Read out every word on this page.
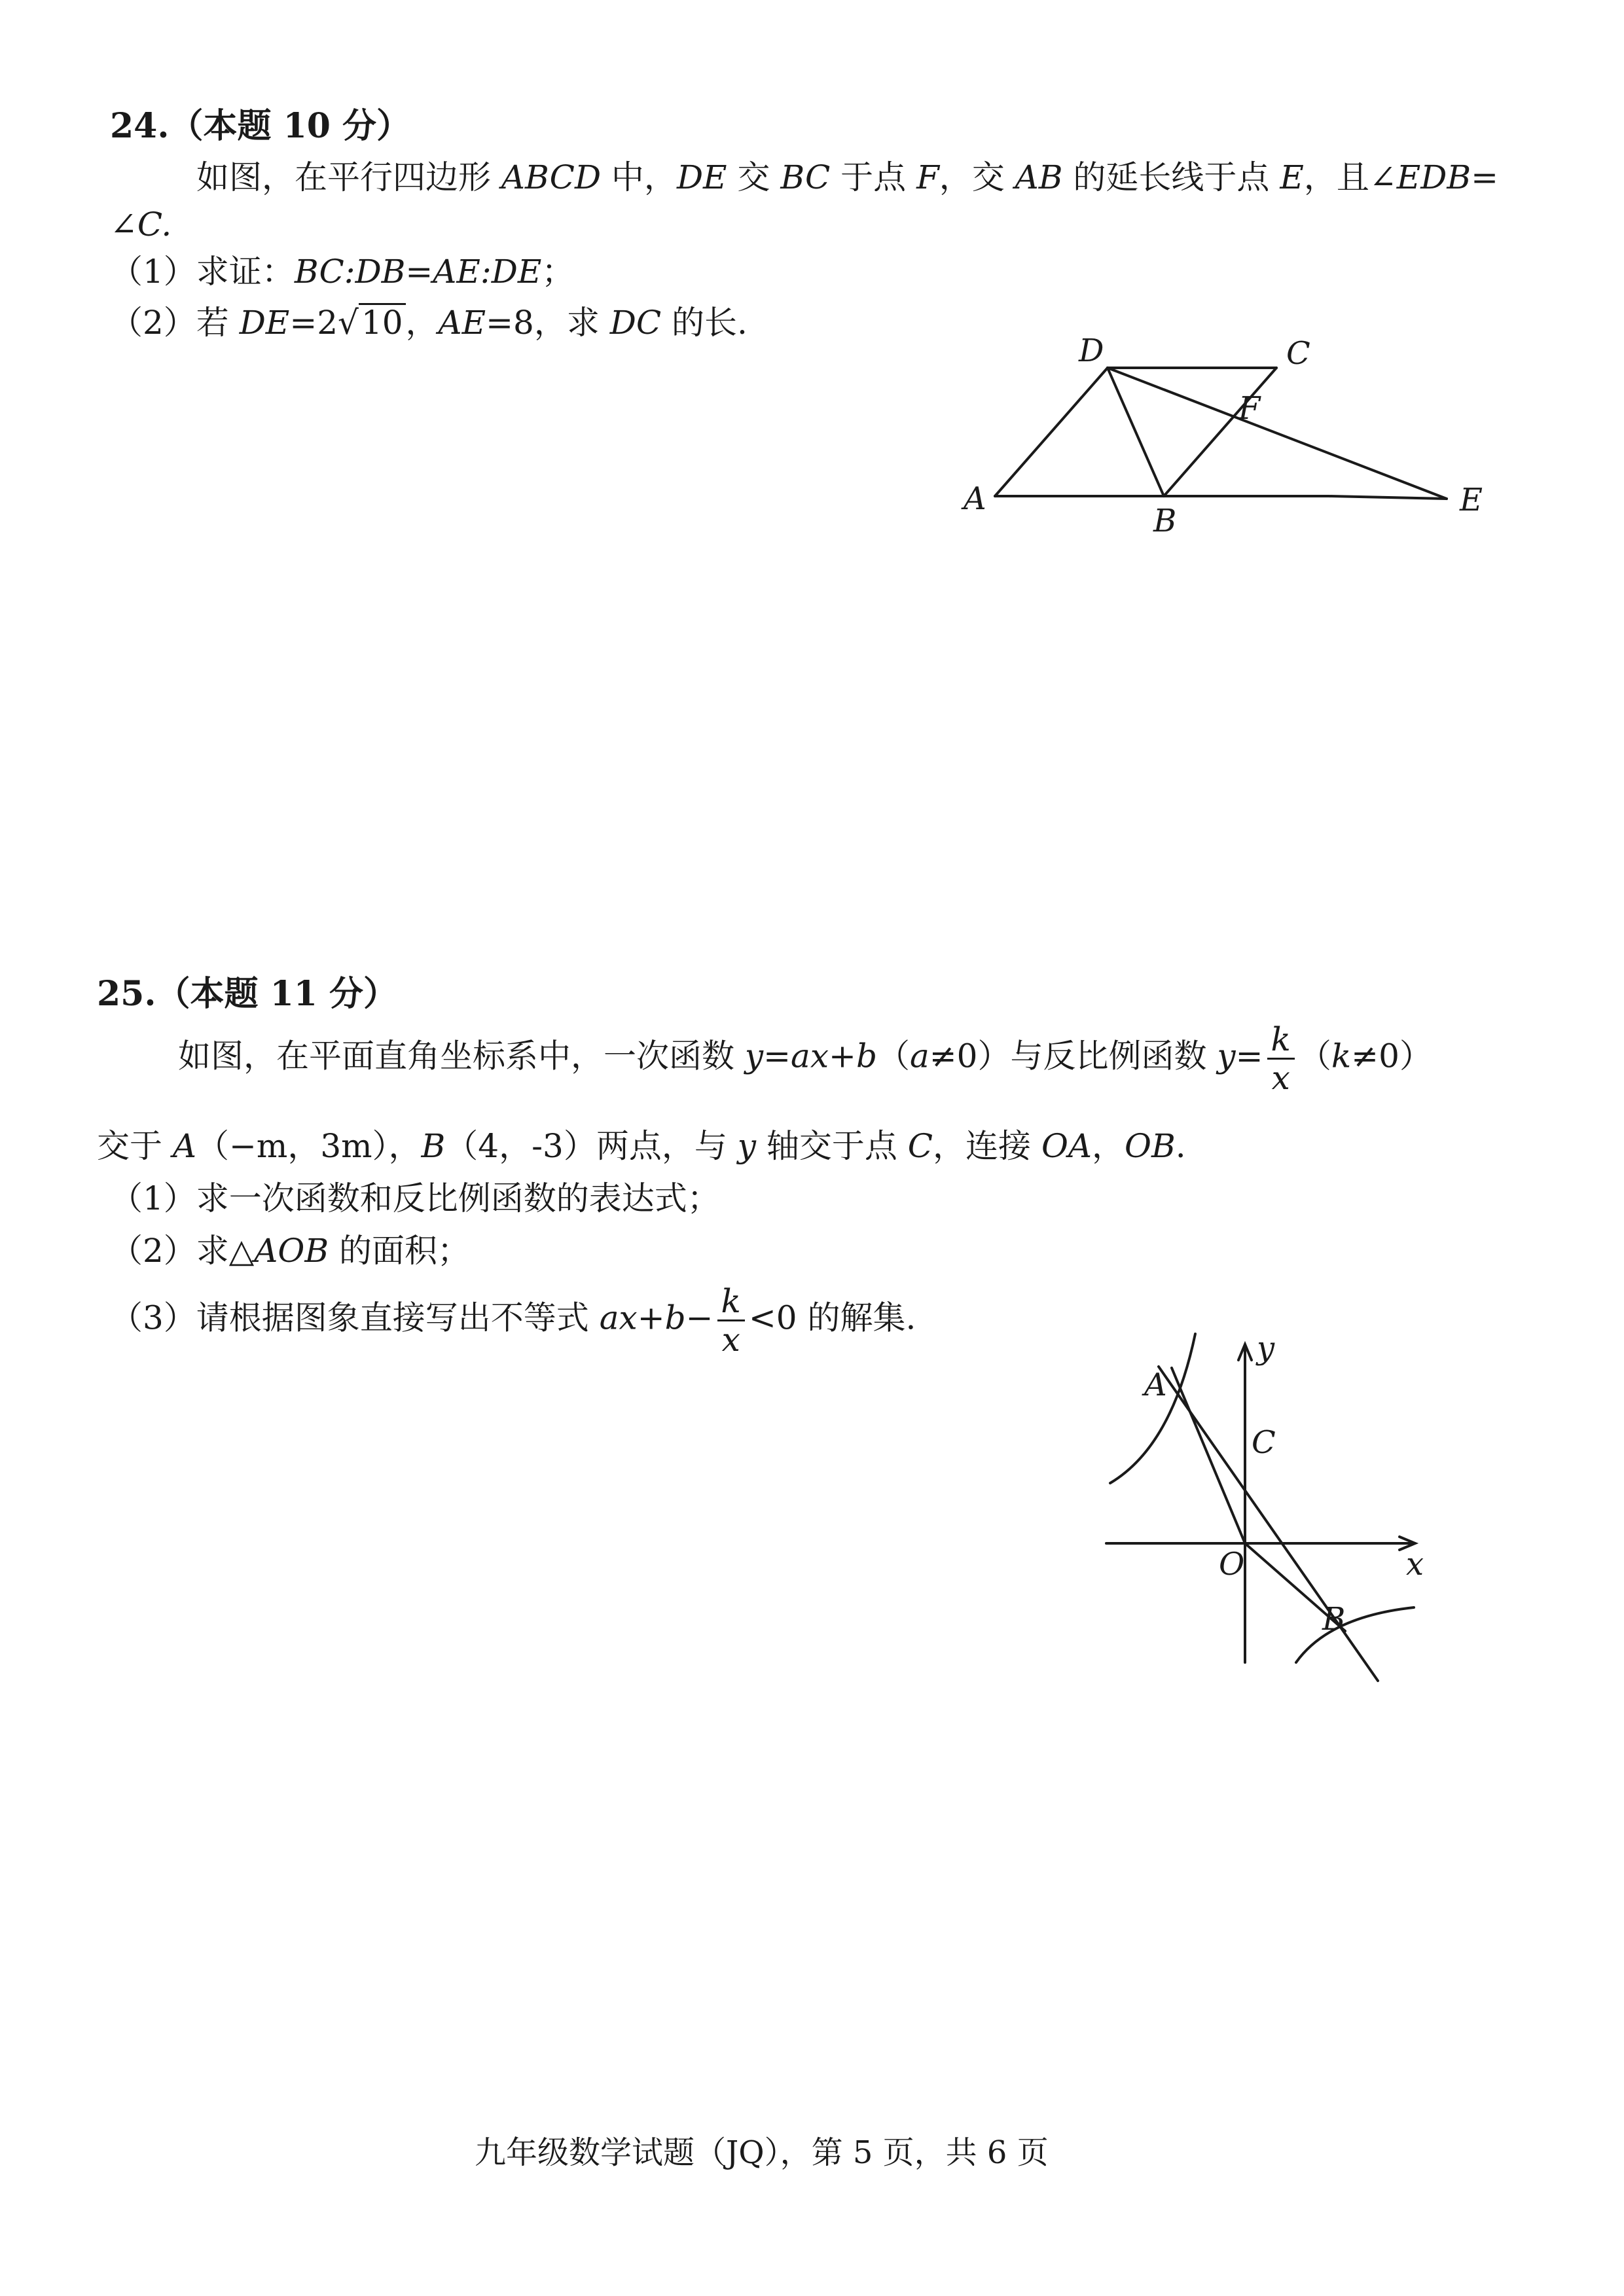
24.（本题 10 分）
如图，在平行四边形 ABCD 中，DE 交 BC 于点 F，交 AB 的延长线于点 E，且∠EDB=
∠C.
（1）求证：BC:DB=AE:DE；
（2）若 DE=2√10，AE=8，求 DC 的长.
D	C
F
A
B
E
25.（本题 11 分）
如图，在平面直角坐标系中，一次函数 y=ax+b（a≠0）与反比例函数 $y= \frac{k}{x} (k\ne 0)$
交于 A（−m，3m），B（4，-3）两点，与 y 轴交于点 C，连接 OA，OB.
（1）求一次函数和反比例函数的表达式；
（2）求△AOB 的面积；
（3）请根据图象直接写出不等式 $ax+b- \frac{k}{x} <0$ 的解集.
A
C
O
B
x
y
九年级数学试题（JQ），第 5 页，共 6 页
